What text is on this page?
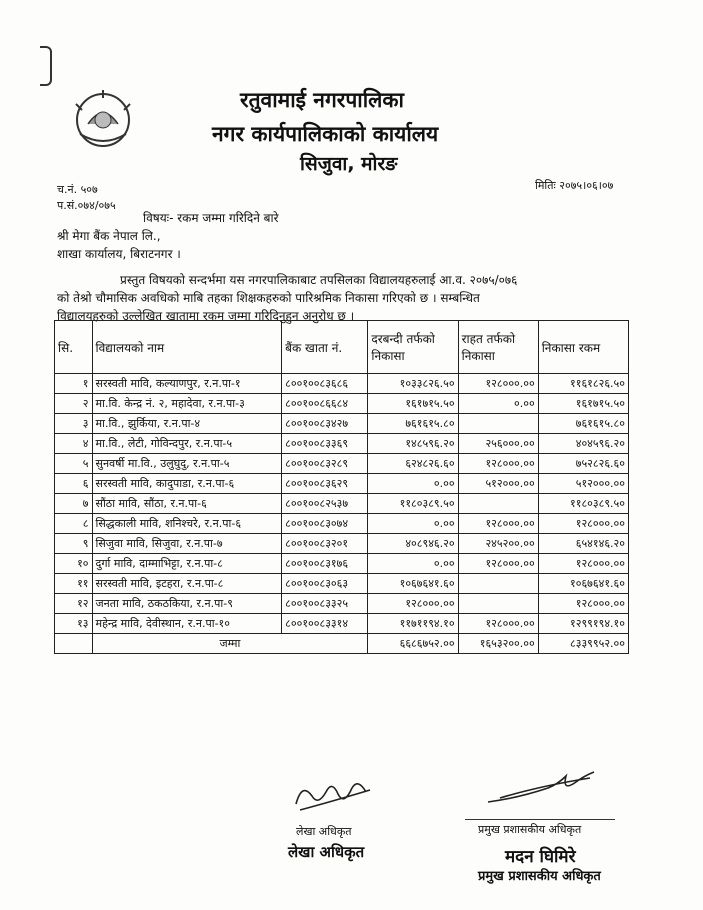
रतुवामाई नगरपालिका
नगर कार्यपालिकाको कार्यालय
सिजुवा, मोरङ
च.नं. ५०७
प.सं.०७४/०७५
मितिः २०७५।०६।०७
विषयः- रकम जम्मा गरिदिने बारे
श्री मेगा बैंक नेपाल लि.,
शाखा कार्यालय, बिराटनगर ।
प्रस्तुत विषयको सन्दर्भमा यस नगरपालिकाबाट तपसिलका विद्यालयहरुलाई आ.व. २०७५/०७६
को तेश्रो चौमासिक अवधिको माबि तहका शिक्षकहरुको पारिश्रमिक निकासा गरिएको छ । सम्बन्धित
विद्यालयहरुको उल्लेखित खातामा रकम जम्मा गरिदिनुहुन अनुरोध छ ।
सि.	विद्यालयको नाम	बैंक खाता नं.	दरबन्दी तर्फको निकासा	राहत तर्फको निकासा	निकासा रकम
१	सरस्वती मावि, कल्याणपुर, र.न.पा-१	८००१००८३६८६	१०३३८२६.५०	१२८०००.००	११६१८२६.५०
२	मा.वि. केन्द्र नं. २, महादेवा, र.न.पा-३	८००१००८६६८४	१६१७१५.५०	०.००	१६१७१५.५०
३	मा.वि., झुर्किया, र.न.पा-४	८००१००८३४२७	७६१६१५.८०		७६१६१५.८०
४	मा.वि., लेटी, गोविन्दपुर, र.न.पा-५	८००१००८३३६९	१४८५९६.२०	२५६०००.००	४०४५९६.२०
५	सुनवर्षी मा.वि., उलुघुदु, र.न.पा-५	८००१००८३२८९	६२४८२६.६०	१२८०००.००	७५२८२६.६०
६	सरस्वती मावि, कादुपाडा, र.न.पा-६	८००१००८३६२९	०.००	५१२०००.००	५१२०००.००
७	सौंठा मावि, सौंठा, र.न.पा-६	८००१००८२५३७	११८०३८९.५०		११८०३८९.५०
८	सिद्धकाली मावि, शनिश्चरे, र.न.पा-६	८००१००८३०७४	०.००	१२८०००.००	१२८०००.००
९	सिजुवा मावि, सिजुवा, र.न.पा-७	८००१००८३२०१	४०८९४६.२०	२४५२००.००	६५४१४६.२०
१०	दुर्गा मावि, दाम्माभिट्टा, र.न.पा-८	८००१००८३१७६	०.००	१२८०००.००	१२८०००.००
११	सरस्वती मावि, इटहरा, र.न.पा-८	८००१००८३०६३	१०६७६४१.६०		१०६७६४१.६०
१२	जनता मावि, ठकठकिया, र.न.पा-९	८००१००८३३२५	१२८०००.००		१२८०००.००
१३	महेन्द्र मावि, देवीस्थान, र.न.पा-१०	८००१००८३३१४	११७११९४.१०	१२८०००.००	१२९९१९४.१०
	जम्मा		६६८६७५२.००	१६५३२००.००	८३३९९५२.००
लेखा अधिकृत
लेखा अधिकृत
प्रमुख प्रशासकीय अधिकृत
मदन घिमिरे
प्रमुख प्रशासकीय अधिकृत
